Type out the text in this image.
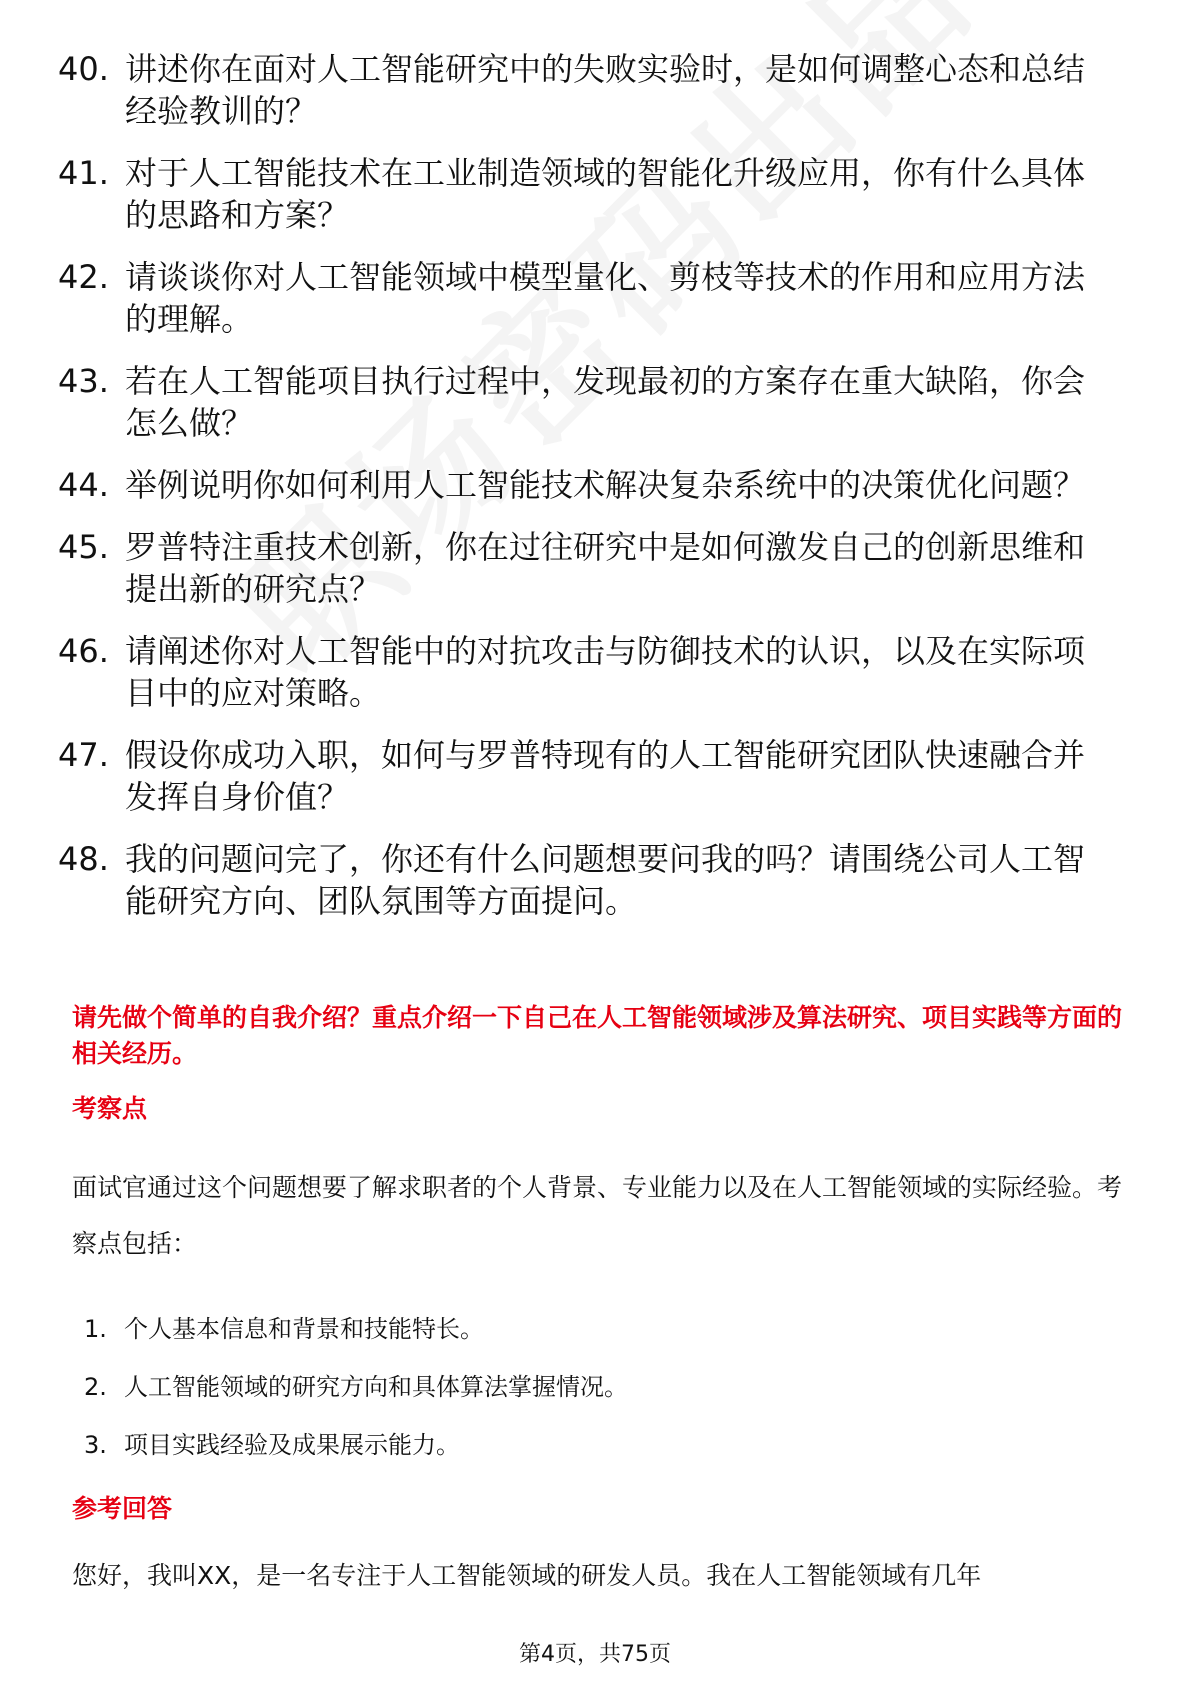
40. 讲述你在面对人工智能研究中的失败实验时，是如何调整心态和总结经验教训的？
41. 对于人工智能技术在工业制造领域的智能化升级应用，你有什么具体的思路和方案？
42. 请谈谈你对人工智能领域中模型量化、剪枝等技术的作用和应用方法的理解。
43. 若在人工智能项目执行过程中，发现最初的方案存在重大缺陷，你会怎么做？
44. 举例说明你如何利用人工智能技术解决复杂系统中的决策优化问题？
45. 罗普特注重技术创新，你在过往研究中是如何激发自己的创新思维和提出新的研究点？
46. 请阐述你对人工智能中的对抗攻击与防御技术的认识，以及在实际项目中的应对策略。
47. 假设你成功入职，如何与罗普特现有的人工智能研究团队快速融合并发挥自身价值？
48. 我的问题问完了，你还有什么问题想要问我的吗？请围绕公司人工智能研究方向、团队氛围等方面提问。
请先做个简单的自我介绍？重点介绍一下自己在人工智能领域涉及算法研究、项目实践等方面的相关经历。
考察点
面试官通过这个问题想要了解求职者的个人背景、专业能力以及在人工智能领域的实际经验。考察点包括：
1. 个人基本信息和背景和技能特长。
2. 人工智能领域的研究方向和具体算法掌握情况。
3. 项目实践经验及成果展示能力。
参考回答
您好，我叫XX，是一名专注于人工智能领域的研发人员。我在人工智能领域有几年
第4页，共75页
